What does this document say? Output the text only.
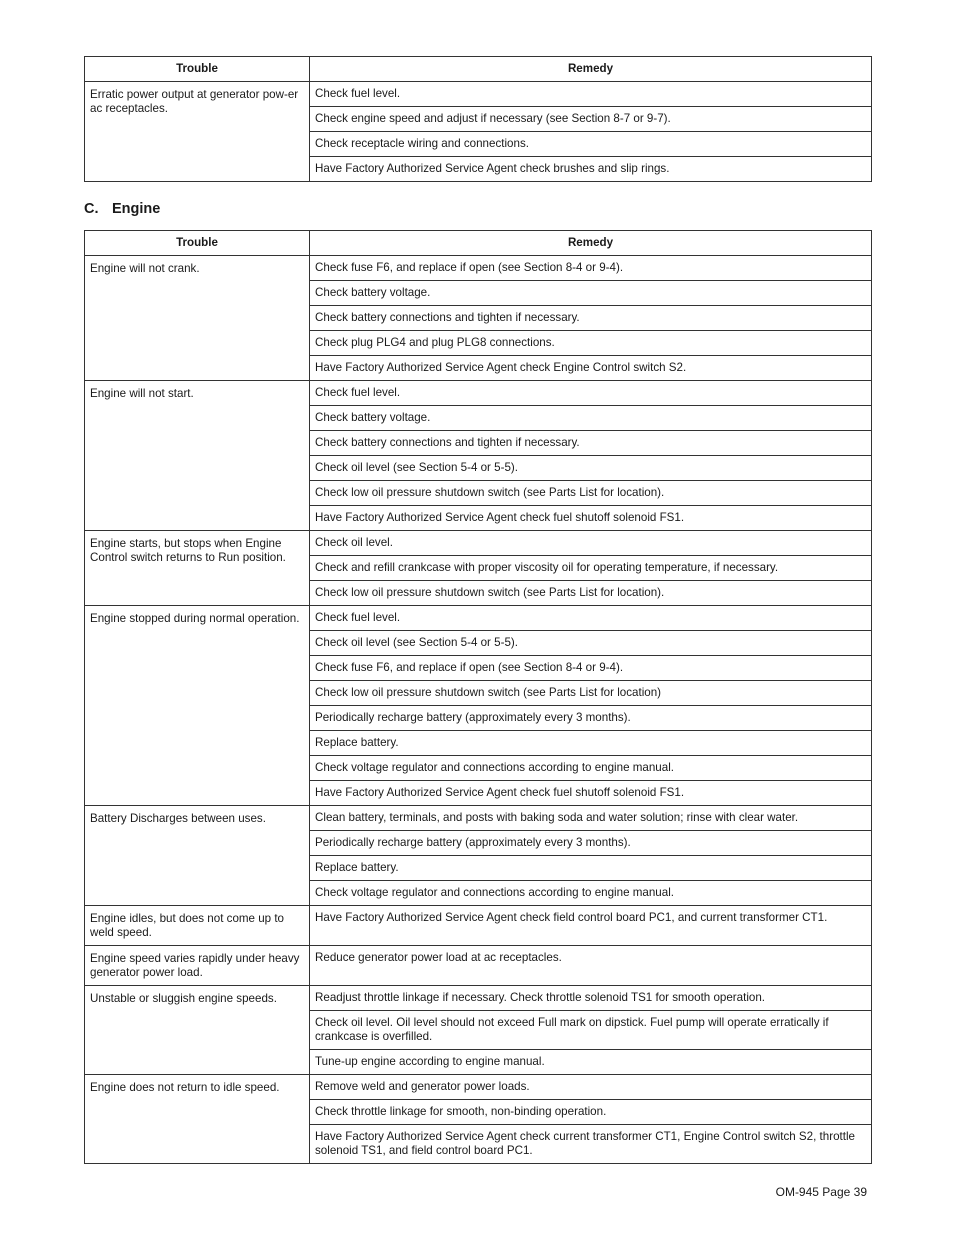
Trouble	Remedy
Erratic power output at generator pow-er ac receptacles.	Check fuel level.
	Check engine speed and adjust if necessary (see Section 8-7 or 9-7).
	Check receptacle wiring and connections.
	Have Factory Authorized Service Agent check brushes and slip rings.
C. Engine
Trouble	Remedy
Engine will not crank.	Check fuse F6, and replace if open (see Section 8-4 or 9-4).
	Check battery voltage.
	Check battery connections and tighten if necessary.
	Check plug PLG4 and plug PLG8 connections.
	Have Factory Authorized Service Agent check Engine Control switch S2.
Engine will not start.	Check fuel level.
	Check battery voltage.
	Check battery connections and tighten if necessary.
	Check oil level (see Section 5-4 or 5-5).
	Check low oil pressure shutdown switch (see Parts List for location).
	Have Factory Authorized Service Agent check fuel shutoff solenoid FS1.
Engine starts, but stops when Engine Control switch returns to Run position.	Check oil level.
	Check and refill crankcase with proper viscosity oil for operating temperature, if necessary.
	Check low oil pressure shutdown switch (see Parts List for location).
Engine stopped during normal operation.	Check fuel level.
	Check oil level (see Section 5-4 or 5-5).
	Check fuse F6, and replace if open (see Section 8-4 or 9-4).
	Check low oil pressure shutdown switch (see Parts List for location)
	Periodically recharge battery (approximately every 3 months).
	Replace battery.
	Check voltage regulator and connections according to engine manual.
	Have Factory Authorized Service Agent check fuel shutoff solenoid FS1.
Battery Discharges between uses.	Clean battery, terminals, and posts with baking soda and water solution; rinse with clear water.
	Periodically recharge battery (approximately every 3 months).
	Replace battery.
	Check voltage regulator and connections according to engine manual.
Engine idles, but does not come up to weld speed.	Have Factory Authorized Service Agent check field control board PC1, and current transformer CT1.
Engine speed varies rapidly under heavy generator power load.	Reduce generator power load at ac receptacles.
Unstable or sluggish engine speeds.	Readjust throttle linkage if necessary. Check throttle solenoid TS1 for smooth operation.
	Check oil level. Oil level should not exceed Full mark on dipstick. Fuel pump will operate erratically if crankcase is overfilled.
	Tune-up engine according to engine manual.
Engine does not return to idle speed.	Remove weld and generator power loads.
	Check throttle linkage for smooth, non-binding operation.
	Have Factory Authorized Service Agent check current transformer CT1, Engine Control switch S2, throttle solenoid TS1, and field control board PC1.
OM-945 Page 39
